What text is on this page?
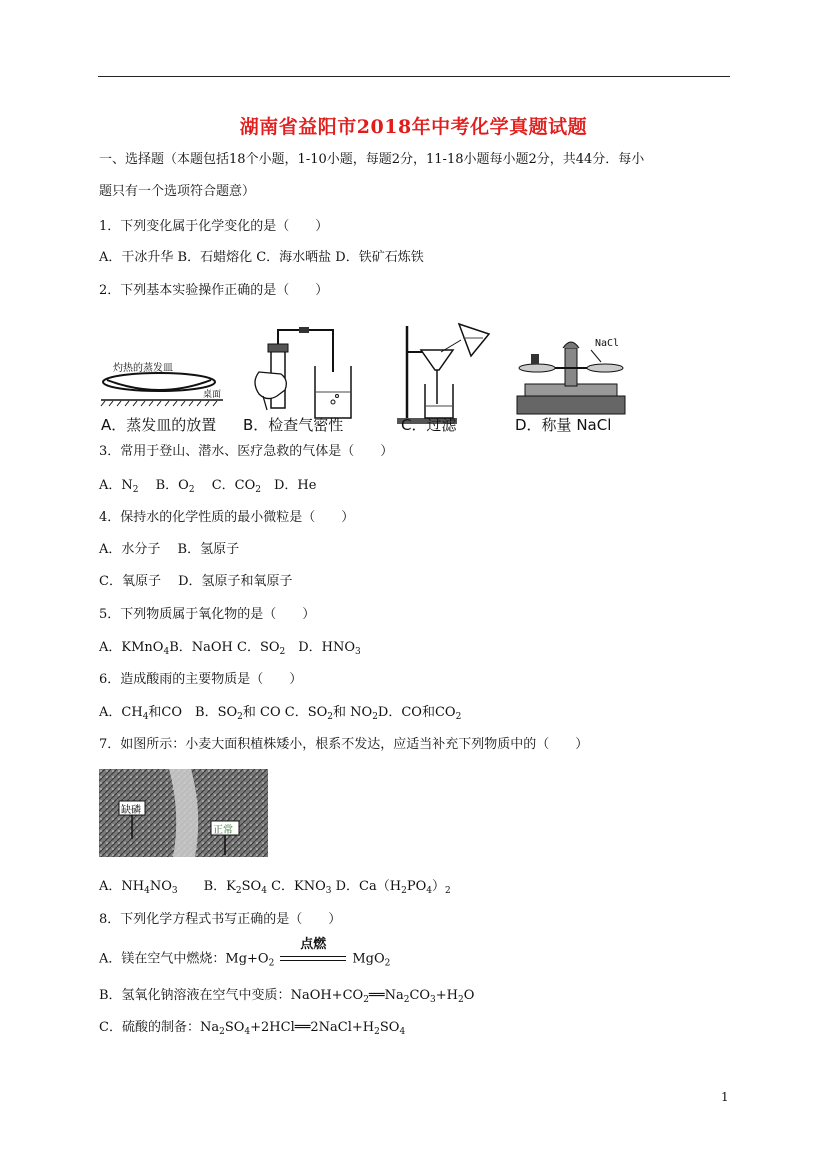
湖南省益阳市2018年中考化学真题试题
一、选择题（本题包括18个小题，1-10小题，每题2分，11-18小题每小题2分，共44分．每小
题只有一个选项符合题意）
1．下列变化属于化学变化的是（　　）
A．干冰升华 B．石蜡熔化 C．海水晒盐 D．铁矿石炼铁
2．下列基本实验操作正确的是（　　）
灼热的蒸发皿
桌面
A．蒸发皿的放置 B．检查气密性	C．过滤
NaCl
D．称量 NaCl
3．常用于登山、潜水、医疗急救的气体是（　　）
A．$N_2$　 B．$O_2$　 C．$CO_2$　D．He
4．保持水的化学性质的最小微粒是（　　）
A．水分子　 B．氢原子
C．氧原子　 D．氢原子和氧原子
5．下列物质属于氧化物的是（　　）
A．KMnO$_4$B．NaOH C．$SO_2$　D．$HNO_3$
6．造成酸雨的主要物质是（　　）
A．$CH_4$和CO　B．$SO_2$和 CO C．$SO_2$和 $NO_2D$．CO和$CO_2$
7．如图所示：小麦大面积植株矮小，根系不发达，应适当补充下列物质中的（　　）
缺磷
正常
A．$NH_4NO_3$　　B．$K_2SO_4$ C．$KNO_3$ D．$Ca(H_2PO_4)_2$
8．下列化学方程式书写正确的是（　　）
A．镁在空气中燃烧：$Mg+O_2$
点燃
MgO$_2$
B．氢氧化钠溶液在空气中变质：$NaOH+CO_2══Na_2CO_3+H_2O$
C．硫酸的制备：$Na_2SO_4+2HCl══2NaCl+H_2SO_4$
1
